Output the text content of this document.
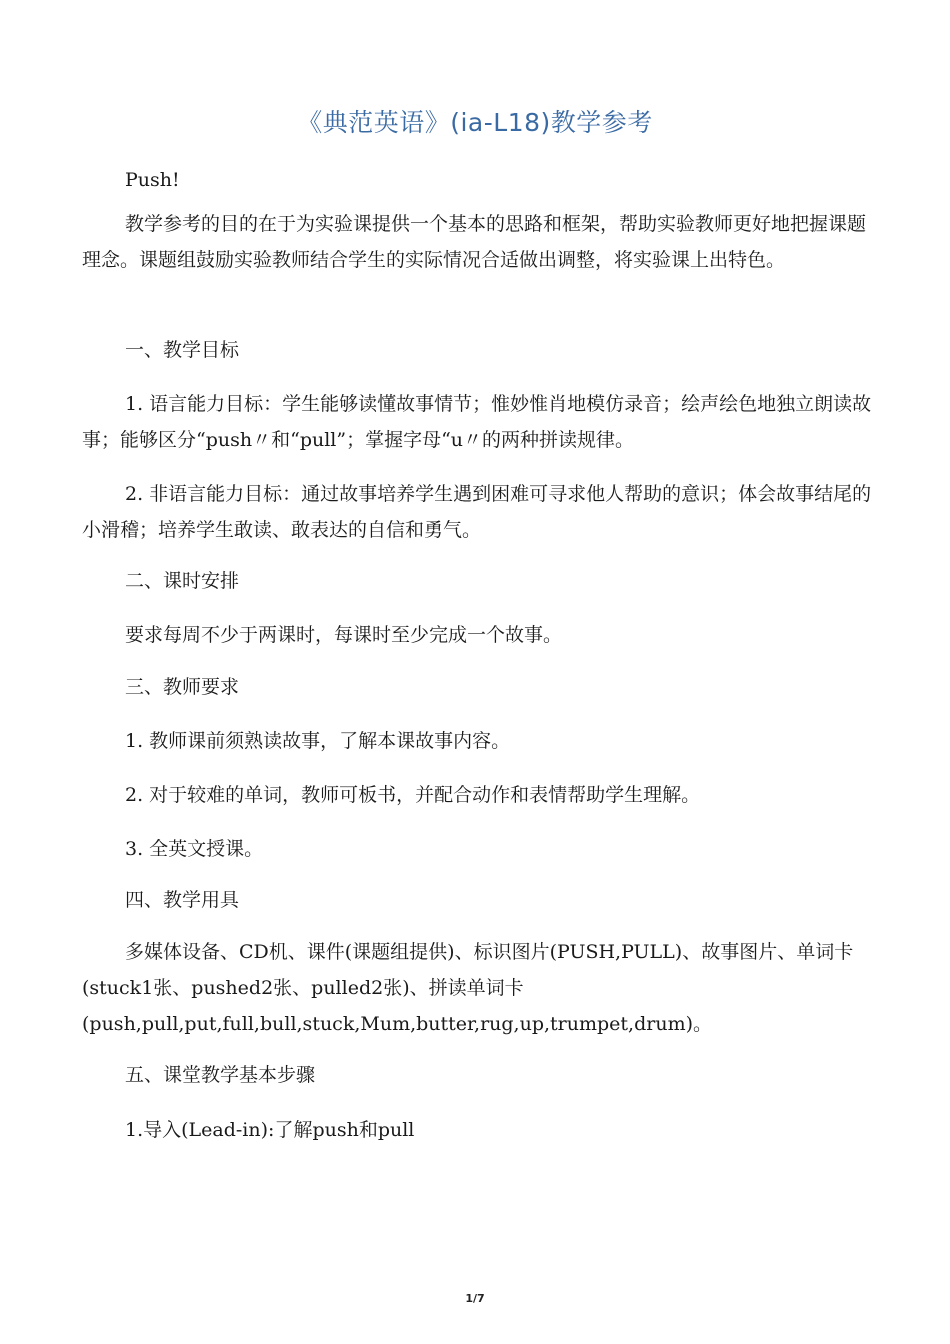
《典范英语》(ia-L18)教学参考
Push!
教学参考的目的在于为实验课提供一个基本的思路和框架，帮助实验教师更好地把握课题理念。课题组鼓励实验教师结合学生的实际情况合适做出调整，将实验课上出特色。
一、教学目标
1. 语言能力目标：学生能够读懂故事情节；惟妙惟肖地模仿录音；绘声绘色地独立朗读故事；能够区分“push〃和“pull”；掌握字母“u〃的两种拼读规律。
2. 非语言能力目标：通过故事培养学生遇到困难可寻求他人帮助的意识；体会故事结尾的小滑稽；培养学生敢读、敢表达的自信和勇气。
二、课时安排
要求每周不少于两课时，每课时至少完成一个故事。
三、教师要求
1. 教师课前须熟读故事，了解本课故事内容。
2. 对于较难的单词，教师可板书，并配合动作和表情帮助学生理解。
3. 全英文授课。
四、教学用具
多媒体设备、CD机、课件(课题组提供)、标识图片(PUSH,PULL)、故事图片、单词卡(stuck1张、pushed2张、pulled2张)、拼读单词卡(push,pull,put,full,bull,stuck,Mum,butter,rug,up,trumpet,drum)。
五、课堂教学基本步骤
1.导入(Lead-in):了解push和pull
1/7
